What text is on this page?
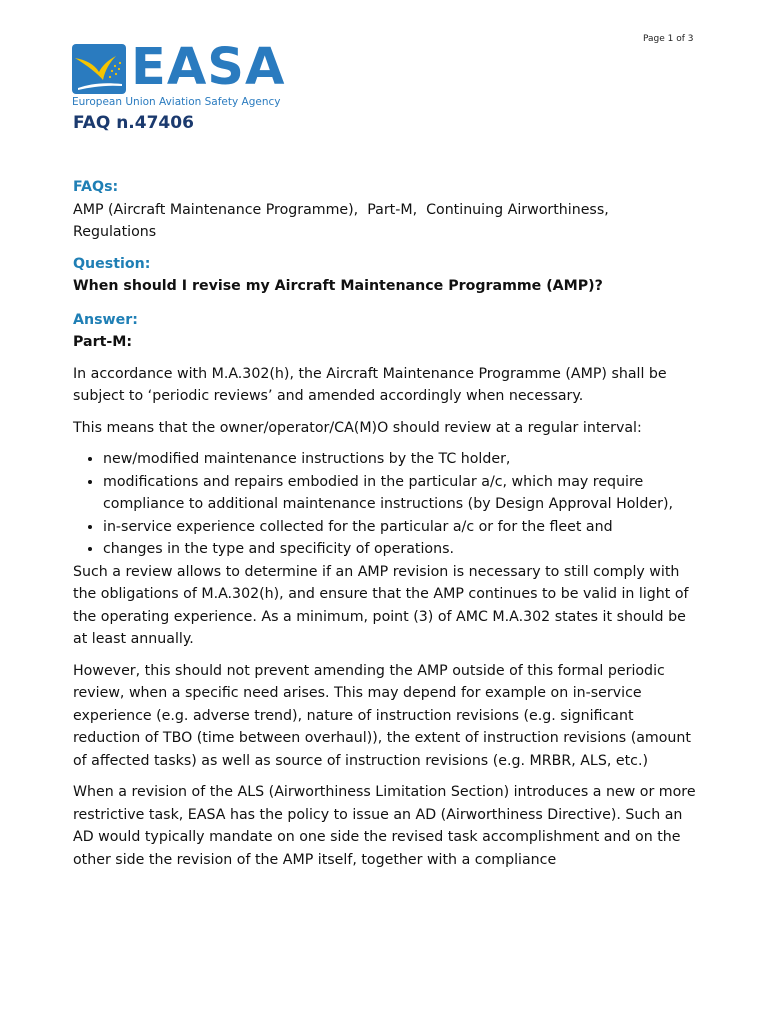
Page 1 of 3
EASA
European Union Aviation Safety Agency
FAQ n.47406

FAQs:

AMP (Aircraft Maintenance Programme),  Part-M,  Continuing Airworthiness,
Regulations

Question:

When should I revise my Aircraft Maintenance Programme (AMP)?

Answer:

Part-M:

In accordance with M.A.302(h), the Aircraft Maintenance Programme (AMP) shall be subject to ‘periodic reviews’ and amended accordingly when necessary.

This means that the owner/operator/CA(M)O should review at a regular interval:

• new/modified maintenance instructions by the TC holder,
• modifications and repairs embodied in the particular a/c, which may require compliance to additional maintenance instructions (by Design Approval Holder),
• in-service experience collected for the particular a/c or for the fleet and
• changes in the type and specificity of operations.

Such a review allows to determine if an AMP revision is necessary to still comply with the obligations of M.A.302(h), and ensure that the AMP continues to be valid in light of the operating experience. As a minimum, point (3) of AMC M.A.302 states it should be at least annually.

However, this should not prevent amending the AMP outside of this formal periodic review, when a specific need arises. This may depend for example on in-service experience (e.g. adverse trend), nature of instruction revisions (e.g. significant reduction of TBO (time between overhaul)), the extent of instruction revisions (amount of affected tasks) as well as source of instruction revisions (e.g. MRBR, ALS, etc.)

When a revision of the ALS (Airworthiness Limitation Section) introduces a new or more restrictive task, EASA has the policy to issue an AD (Airworthiness Directive). Such an AD would typically mandate on one side the revised task accomplishment and on the other side the revision of the AMP itself, together with a compliance
